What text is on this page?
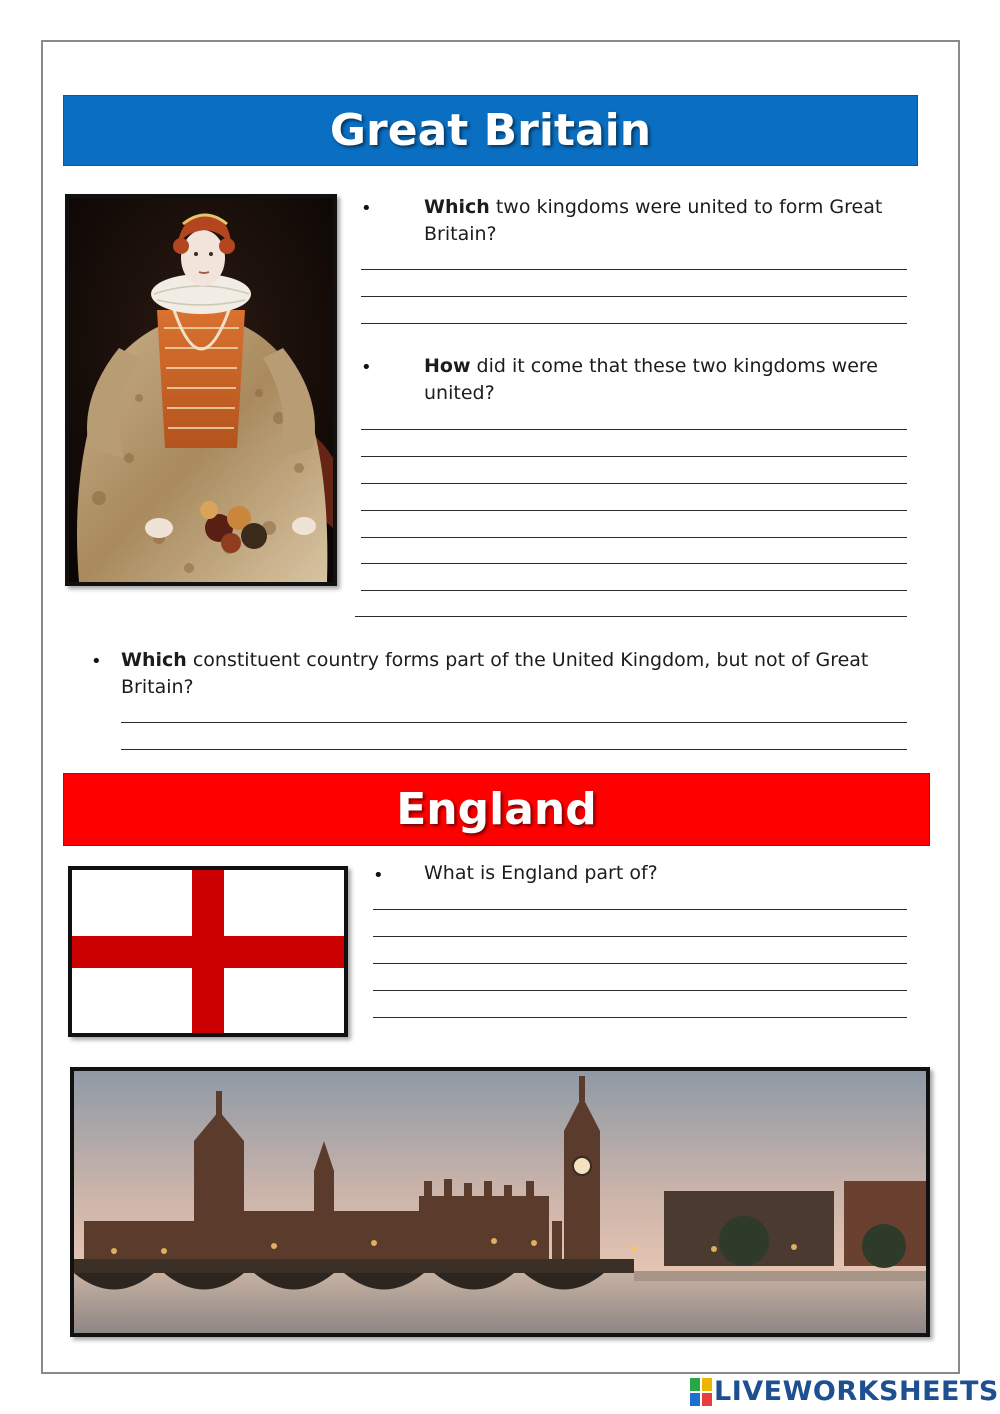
Great Britain
•	Which two kingdoms were united to form Great Britain?
•	How did it come that these two kingdoms were united?
• Which constituent country forms part of the United Kingdom, but not of Great Britain?
England
• What is England part of?
LIVEWORKSHEETS
